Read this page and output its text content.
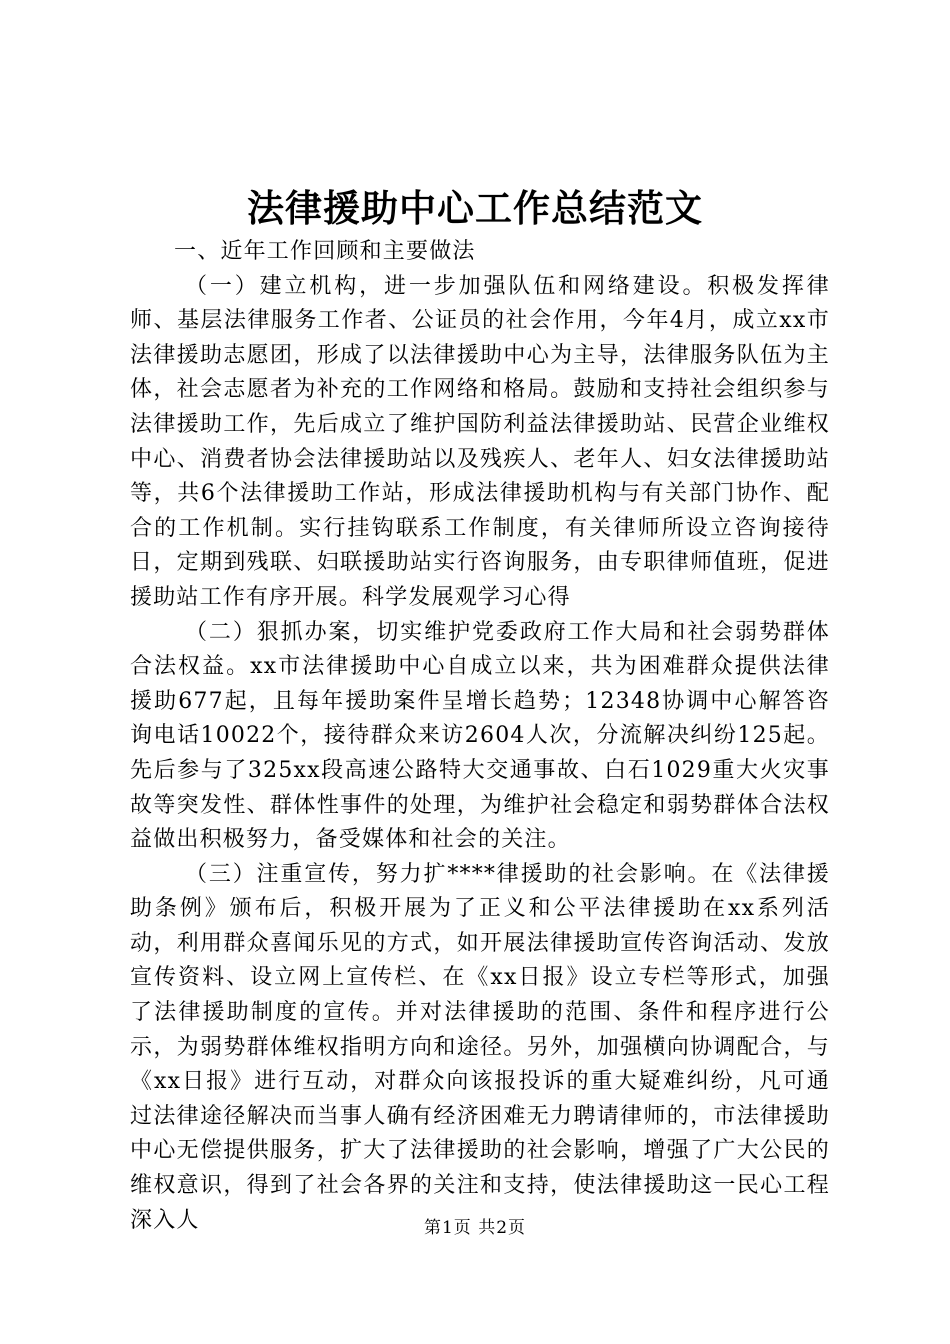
法律援助中心工作总结范文

一、近年工作回顾和主要做法

（一）建立机构，进一步加强队伍和网络建设。积极发挥律师、基层法律服务工作者、公证员的社会作用，今年4月，成立xx市法律援助志愿团，形成了以法律援助中心为主导，法律服务队伍为主体，社会志愿者为补充的工作网络和格局。鼓励和支持社会组织参与法律援助工作，先后成立了维护国防利益法律援助站、民营企业维权中心、消费者协会法律援助站以及残疾人、老年人、妇女法律援助站等，共6个法律援助工作站，形成法律援助机构与有关部门协作、配合的工作机制。实行挂钩联系工作制度，有关律师所设立咨询接待日，定期到残联、妇联援助站实行咨询服务，由专职律师值班，促进援助站工作有序开展。科学发展观学习心得

（二）狠抓办案，切实维护党委政府工作大局和社会弱势群体合法权益。xx市法律援助中心自成立以来，共为困难群众提供法律援助677起，且每年援助案件呈增长趋势；12348协调中心解答咨询电话10022个，接待群众来访2604人次，分流解决纠纷125起。先后参与了325xx段高速公路特大交通事故、白石1029重大火灾事故等突发性、群体性事件的处理，为维护社会稳定和弱势群体合法权益做出积极努力，备受媒体和社会的关注。

（三）注重宣传，努力扩****律援助的社会影响。在《法律援助条例》颁布后，积极开展为了正义和公平法律援助在xx系列活动，利用群众喜闻乐见的方式，如开展法律援助宣传咨询活动、发放宣传资料、设立网上宣传栏、在《xx日报》设立专栏等形式，加强了法律援助制度的宣传。并对法律援助的范围、条件和程序进行公示，为弱势群体维权指明方向和途径。另外，加强横向协调配合，与《xx日报》进行互动，对群众向该报投诉的重大疑难纠纷，凡可通过法律途径解决而当事人确有经济困难无力聘请律师的，市法律援助中心无偿提供服务，扩大了法律援助的社会影响，增强了广大公民的维权意识，得到了社会各界的关注和支持，使法律援助这一民心工程深入人	第1页 共2页
